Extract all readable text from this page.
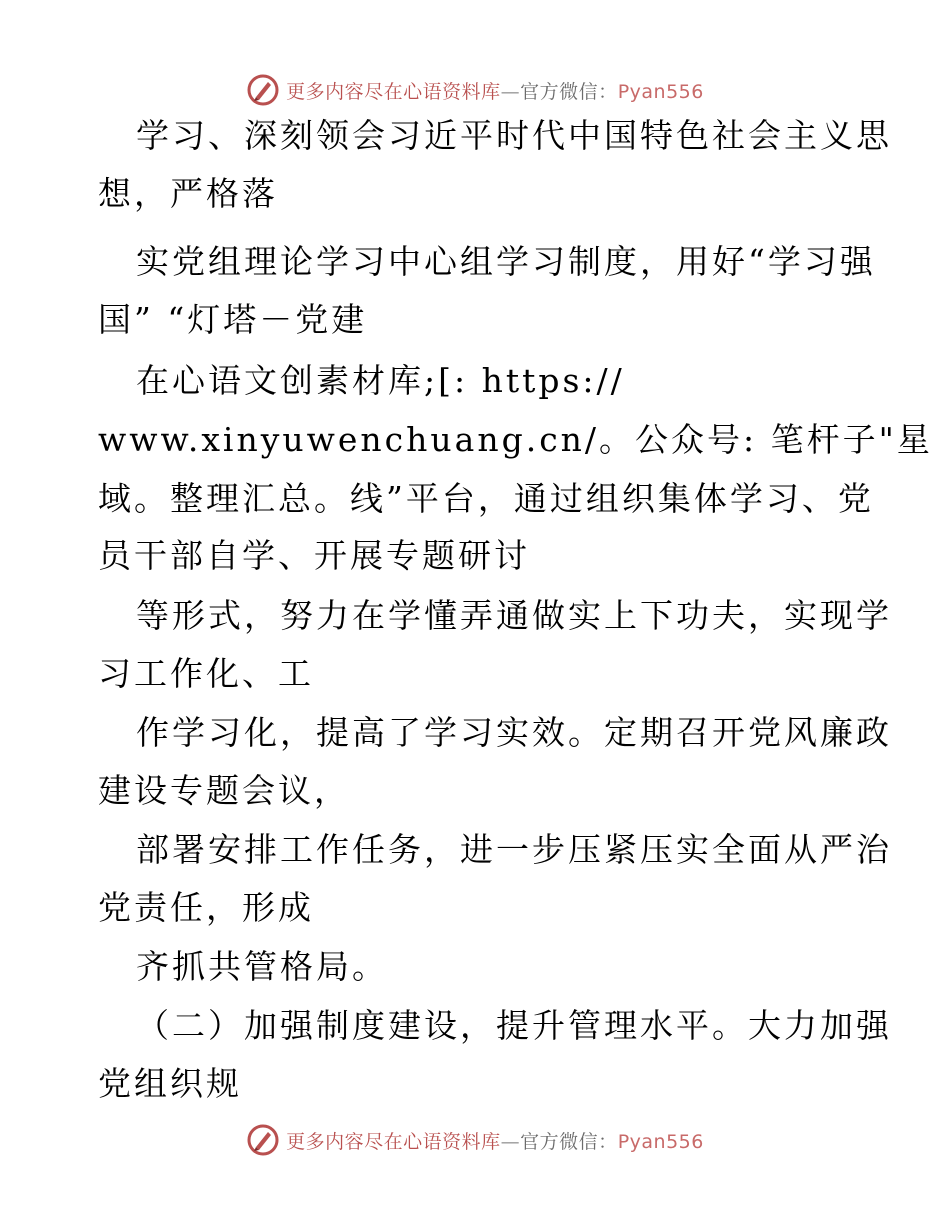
更多内容尽在心语资料库—官方微信：Pyan556
学习、深刻领会习近平时代中国特色社会主义思
想，严格落
实党组理论学习中心组学习制度，用好“学习强
国” “灯塔－党建
在心语文创素材库;[: https://
www.xinyuwenchuang.cn/。公众号: 笔杆子"星
域。整理汇总。线”平台，通过组织集体学习、党
员干部自学、开展专题研讨
等形式，努力在学懂弄通做实上下功夫，实现学
习工作化、工
作学习化，提高了学习实效。定期召开党风廉政
建设专题会议，
部署安排工作任务，进一步压紧压实全面从严治
党责任，形成
齐抓共管格局。
（二）加强制度建设，提升管理水平。大力加强
党组织规
更多内容尽在心语资料库—官方微信：Pyan556
